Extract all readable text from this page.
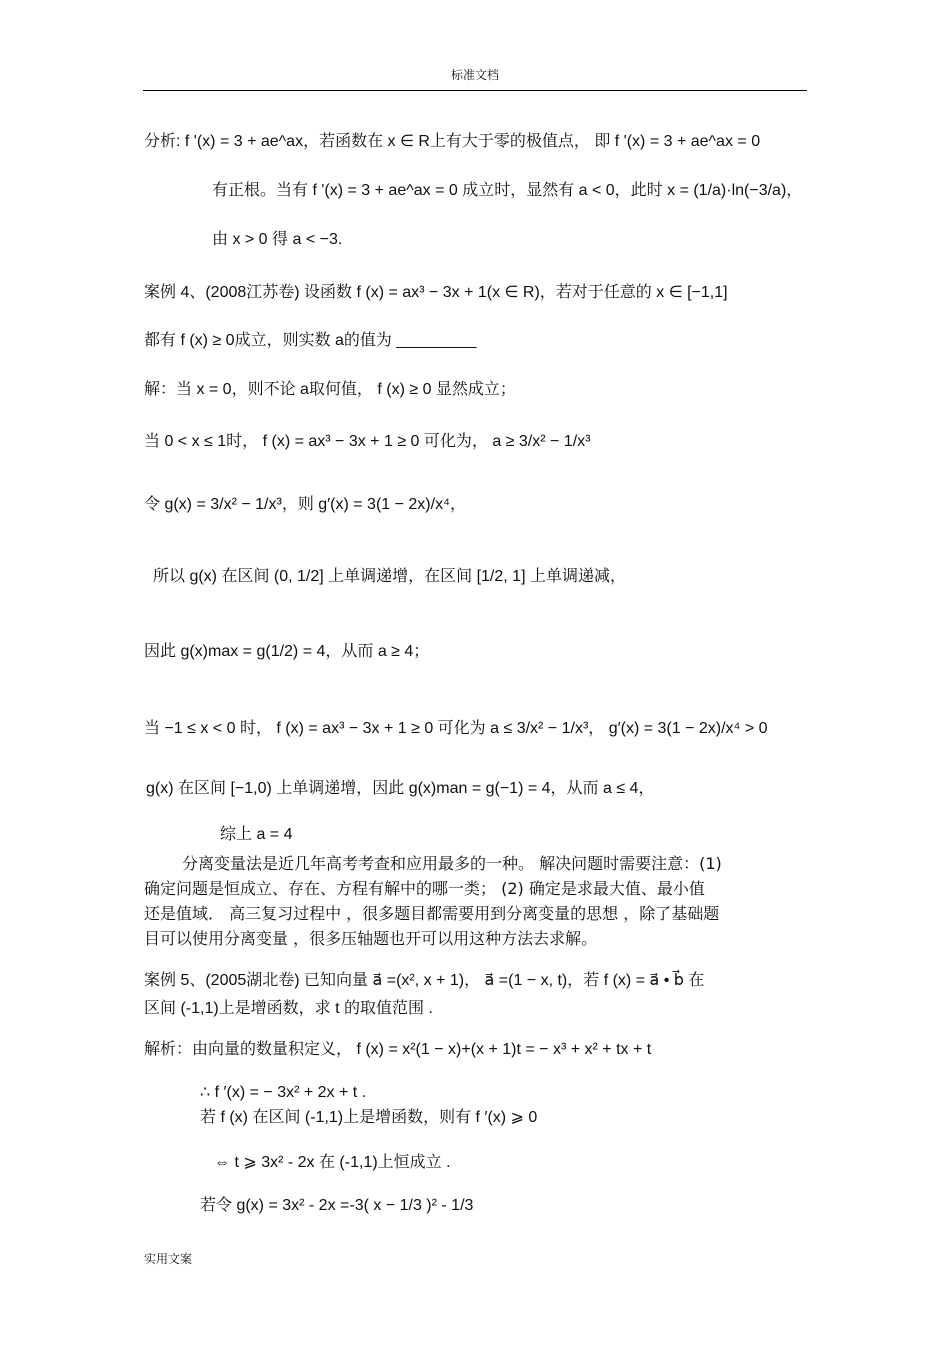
标准文档
分析: f '(x) = 3 + ae^ax，若函数在 x ∈ R上有大于零的极值点， 即 f '(x) = 3 + ae^ax = 0
有正根。当有 f '(x) = 3 + ae^ax = 0 成立时，显然有 a < 0，此时 x = (1/a)·ln(−3/a)，
由 x > 0 得 a < −3.
案例 4、(2008江苏卷) 设函数 f (x) = ax³ − 3x + 1(x ∈ R)，若对于任意的 x ∈ [−1,1]
都有 f (x) ≥ 0成立，则实数 a的值为 _________
解：当 x = 0，则不论 a取何值， f (x) ≥ 0 显然成立；
当 0 < x ≤ 1时， f (x) = ax³ − 3x + 1 ≥ 0 可化为， a ≥ 3/x² − 1/x³
令 g(x) = 3/x² − 1/x³，则 g′(x) = 3(1 − 2x)/x⁴，
所以 g(x) 在区间 (0, 1/2] 上单调递增，在区间 [1/2, 1] 上单调递减，
因此 g(x)max = g(1/2) = 4，从而 a ≥ 4；
当 −1 ≤ x < 0 时， f (x) = ax³ − 3x + 1 ≥ 0 可化为 a ≤ 3/x² − 1/x³， g′(x) = 3(1 − 2x)/x⁴ > 0
g(x) 在区间 [−1,0) 上单调递增，因此 g(x)man = g(−1) = 4，从而 a ≤ 4，
综上 a = 4
分离变量法是近几年高考考查和应用最多的一种。 解决问题时需要注意：(1)
确定问题是恒成立、存在、方程有解中的哪一类； (2) 确定是求最大值、最小值
还是值域． 高三复习过程中 ，很多题目都需要用到分离变量的思想 ，除了基础题
目可以使用分离变量 ，很多压轴题也开可以用这种方法去求解。
案例 5、(2005湖北卷) 已知向量 a⃗ =(x², x + 1)， a⃗ =(1 − x, t)，若 f (x) = a⃗ • b⃗ 在
区间 (-1,1)上是增函数，求 t 的取值范围 .
解析：由向量的数量积定义， f (x) = x²(1 − x)+(x + 1)t = − x³ + x² + tx + t
∴ f ′(x) = − 3x² + 2x + t .
若 f (x) 在区间 (-1,1)上是增函数，则有 f ′(x) ⩾ 0
⇔ t ⩾ 3x² - 2x 在 (-1,1)上恒成立 .
若令 g(x) = 3x² - 2x =-3( x − 1/3 )² - 1/3
实用文案
